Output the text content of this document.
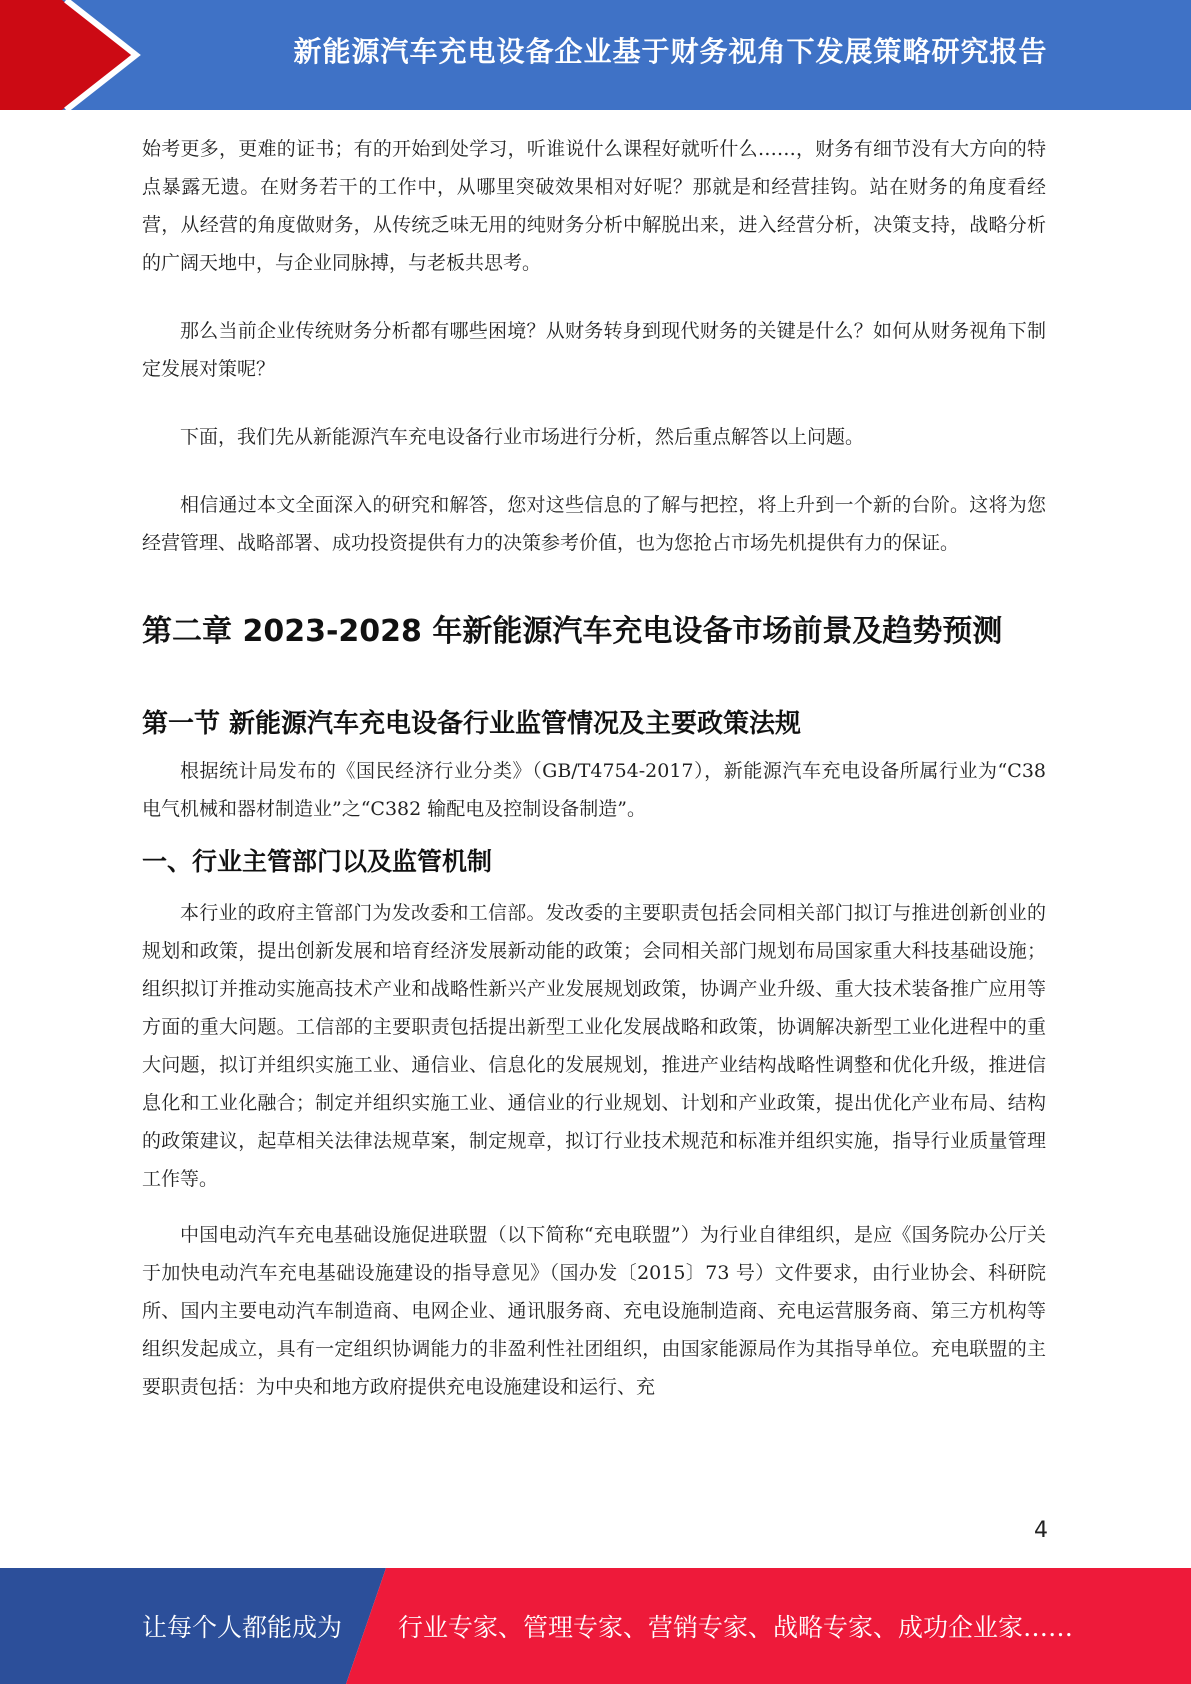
新能源汽车充电设备企业基于财务视角下发展策略研究报告

始考更多，更难的证书；有的开始到处学习，听谁说什么课程好就听什么……，财务有细节没有大方向的特点暴露无遗。在财务若干的工作中，从哪里突破效果相对好呢？那就是和经营挂钩。站在财务的角度看经营，从经营的角度做财务，从传统乏味无用的纯财务分析中解脱出来，进入经营分析，决策支持，战略分析的广阔天地中，与企业同脉搏，与老板共思考。

那么当前企业传统财务分析都有哪些困境？从财务转身到现代财务的关键是什么？如何从财务视角下制定发展对策呢？

下面，我们先从新能源汽车充电设备行业市场进行分析，然后重点解答以上问题。

相信通过本文全面深入的研究和解答，您对这些信息的了解与把控，将上升到一个新的台阶。这将为您经营管理、战略部署、成功投资提供有力的决策参考价值，也为您抢占市场先机提供有力的保证。

第二章 2023-2028 年新能源汽车充电设备市场前景及趋势预测
第一节 新能源汽车充电设备行业监管情况及主要政策法规

根据统计局发布的《国民经济行业分类》（GB/T4754-2017），新能源汽车充电设备所属行业为“C38 电气机械和器材制造业”之“C382 输配电及控制设备制造”。

一、行业主管部门以及监管机制

本行业的政府主管部门为发改委和工信部。发改委的主要职责包括会同相关部门拟订与推进创新创业的规划和政策，提出创新发展和培育经济发展新动能的政策；会同相关部门规划布局国家重大科技基础设施；组织拟订并推动实施高技术产业和战略性新兴产业发展规划政策，协调产业升级、重大技术装备推广应用等方面的重大问题。工信部的主要职责包括提出新型工业化发展战略和政策，协调解决新型工业化进程中的重大问题，拟订并组织实施工业、通信业、信息化的发展规划，推进产业结构战略性调整和优化升级，推进信息化和工业化融合；制定并组织实施工业、通信业的行业规划、计划和产业政策，提出优化产业布局、结构的政策建议，起草相关法律法规草案，制定规章，拟订行业技术规范和标准并组织实施，指导行业质量管理工作等。

中国电动汽车充电基础设施促进联盟（以下简称“充电联盟”）为行业自律组织，是应《国务院办公厅关于加快电动汽车充电基础设施建设的指导意见》（国办发〔2015〕73 号）文件要求，由行业协会、科研院所、国内主要电动汽车制造商、电网企业、通讯服务商、充电设施制造商、充电运营服务商、第三方机构等组织发起成立，具有一定组织协调能力的非盈利性社团组织，由国家能源局作为其指导单位。充电联盟的主要职责包括：为中央和地方政府提供充电设施建设和运行、充

4
让每个人都能成为 行业专家、管理专家、营销专家、战略专家、成功企业家……
